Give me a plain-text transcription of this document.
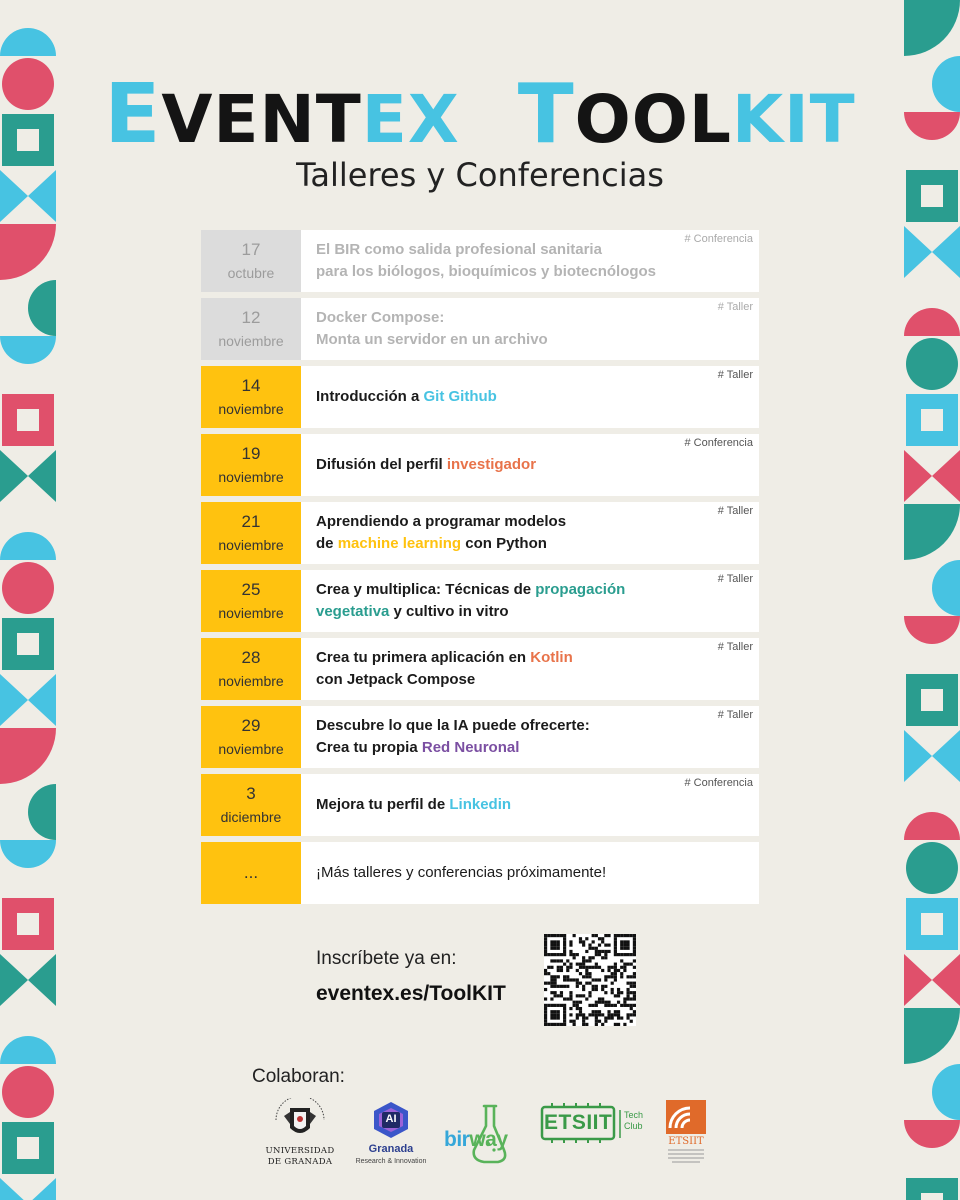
EVENTEX TOOLKIT
Talleres y Conferencias
17
octubre
El BIR como salida profesional sanitaria
para los biólogos, bioquímicos y biotecnólogos
# Conferencia
12
noviembre
Docker Compose:
Monta un servidor en un archivo
# Taller
14
noviembre
Introducción a Git Github
# Taller
19
noviembre
Difusión del perfil investigador
# Conferencia
21
noviembre
Aprendiendo a programar modelos
de machine learning con Python
# Taller
25
noviembre
Crea y multiplica: Técnicas de propagación
vegetativa y cultivo in vitro
# Taller
28
noviembre
Crea tu primera aplicación en Kotlin
con Jetpack Compose
# Taller
29
noviembre
Descubre lo que la IA puede ofrecerte:
Crea tu propia Red Neuronal
# Taller
3
diciembre
Mejora tu perfil de Linkedin
# Conferencia
...	¡Más talleres y conferencias próximamente!
Inscríbete ya en:
eventex.es/ToolKIT
Colaboran:
UNIVERSIDAD
DE GRANADA
AI
Granada
Research & Innovation
birway
ETSIIT Tech
Club
ETSIIT
